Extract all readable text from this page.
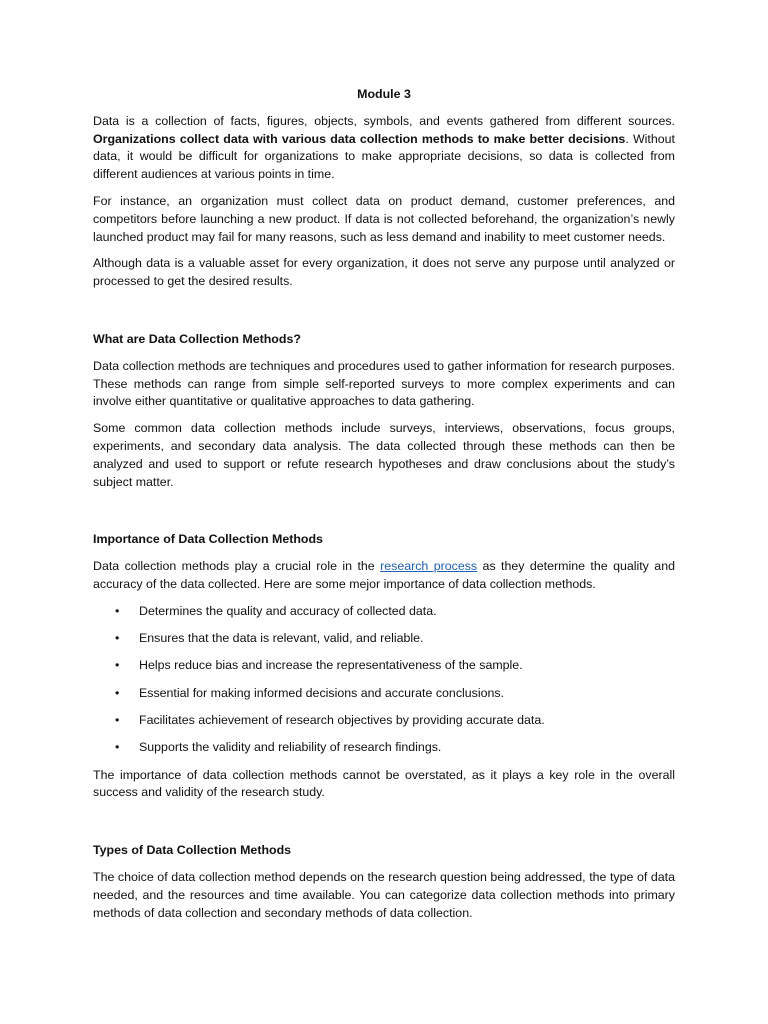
Module 3

Data is a collection of facts, figures, objects, symbols, and events gathered from different sources. Organizations collect data with various data collection methods to make better decisions. Without data, it would be difficult for organizations to make appropriate decisions, so data is collected from different audiences at various points in time.

For instance, an organization must collect data on product demand, customer preferences, and competitors before launching a new product. If data is not collected beforehand, the organization’s newly launched product may fail for many reasons, such as less demand and inability to meet customer needs.

Although data is a valuable asset for every organization, it does not serve any purpose until analyzed or processed to get the desired results.

What are Data Collection Methods?

Data collection methods are techniques and procedures used to gather information for research purposes. These methods can range from simple self-reported surveys to more complex experiments and can involve either quantitative or qualitative approaches to data gathering.

Some common data collection methods include surveys, interviews, observations, focus groups, experiments, and secondary data analysis. The data collected through these methods can then be analyzed and used to support or refute research hypotheses and draw conclusions about the study’s subject matter.

Importance of Data Collection Methods

Data collection methods play a crucial role in the research process as they determine the quality and accuracy of the data collected. Here are some mejor importance of data collection methods.

• Determines the quality and accuracy of collected data.
• Ensures that the data is relevant, valid, and reliable.
• Helps reduce bias and increase the representativeness of the sample.
• Essential for making informed decisions and accurate conclusions.
• Facilitates achievement of research objectives by providing accurate data.
• Supports the validity and reliability of research findings.

The importance of data collection methods cannot be overstated, as it plays a key role in the overall success and validity of the research study.

Types of Data Collection Methods

The choice of data collection method depends on the research question being addressed, the type of data needed, and the resources and time available. You can categorize data collection methods into primary methods of data collection and secondary methods of data collection.
